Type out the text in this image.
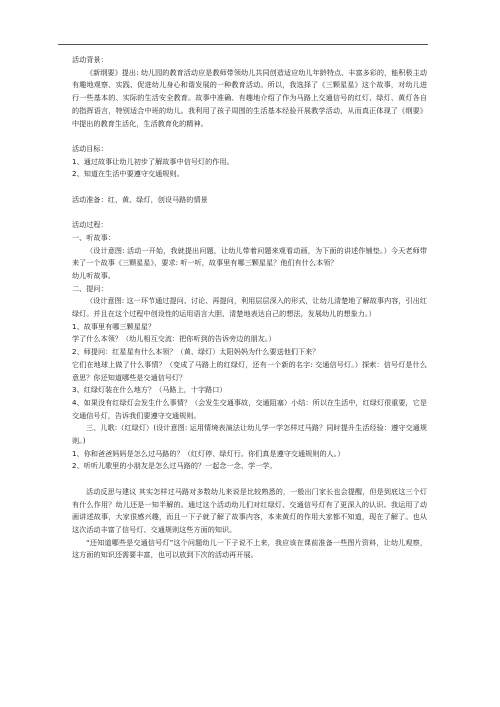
活动背景：

《新纲要》提出: 幼儿园的教育活动应是教师带领幼儿共同创造适应幼儿年龄特点、丰富多彩的，能积极主动有趣地观察、实践、促进幼儿身心和谐发展的一种教育活动。所以，我选择了《三颗星星》这个故事，对幼儿进行一些基本的、实际的生活安全教育。故事中准确、有趣地介绍了作为马路上交通信号的红灯、绿灯、黄灯各自的指挥语言，特别适合中班的幼儿。我利用了孩子周围的生活基本经验开展教学活动，从而真正体现了《纲要》中提出的教育生活化，生活教育化的精神。

活动目标：

1、通过故事让幼儿初步了解故事中信号灯的作用。

2、知道在生活中要遵守交通规则。

活动准备：红、黄、绿灯，创设马路的情景

活动过程：

一、听故事：

（设计意图: 活动一开始，我就提出问题，让幼儿带着问题来观看动画，为下面的讲述作铺垫。）今天老师带来了一个故事《三颗星星》，要求: 听一听，故事里有哪三颗星星？他们有什么本领？

幼儿听故事。

二、提问：

（设计意图: 这一环节通过提问、讨论、再提问，利用层层深入的形式，让幼儿清楚地了解故事内容，引出红绿灯。并且在这个过程中创设性的运用语言大胆、清楚地表达自己的想法，发展幼儿的想象力。）

1、故事里有哪三颗星星？

学了什么本领？（幼儿相互交流：把你听到的告诉旁边的朋友。）

2、师提问：红星星有什么本领？（黄、绿灯）太阳妈妈为什么要送他们下来？

它们在地球上做了什么事情？（变成了马路上的红绿灯，还有一个新的名字: 交通信号灯。）探索：信号灯是什么意思？你还知道哪些是交通信号灯？

3、红绿灯装在什么地方？（马路上，十字路口）

4、如果没有红绿灯会发生什么事情？（会发生交通事故，交通阻塞）小结：所以在生活中，红绿灯很重要，它是交通信号灯，告诉我们要遵守交通规则。

三、儿歌:（红绿灯）(设计意图: 运用情境表演法让幼儿学一学怎样过马路？同时提升生活经验：遵守交通规则。)

1、你和爸爸妈妈是怎么过马路的？（红灯停、绿灯行。你们真是遵守交通规则的人。）

2、听听儿歌里的小朋友是怎么过马路的？一起念一念、学一学。

活动反思与建议 其实怎样过马路对多数幼儿来说是比较熟悉的，一般出门家长也会提醒，但是到底这三个灯有什么作用？幼儿还是一知半解的。通过这个活动幼儿们对红绿灯、交通信号灯有了更深入的认识。我运用了动画讲述故事，大家很感兴趣，而且一下子就了解了故事内容，本来黄灯的作用大家都不知道，现在了解了。也从这次活动丰富了信号灯、交通规则这些方面的知识。

“还知道哪些是交通信号灯”这个问题幼儿一下子说不上来，我应该在课前准备一些图片资料，让幼儿观察，这方面的知识还需要丰富，也可以放到下次的活动再开展。
